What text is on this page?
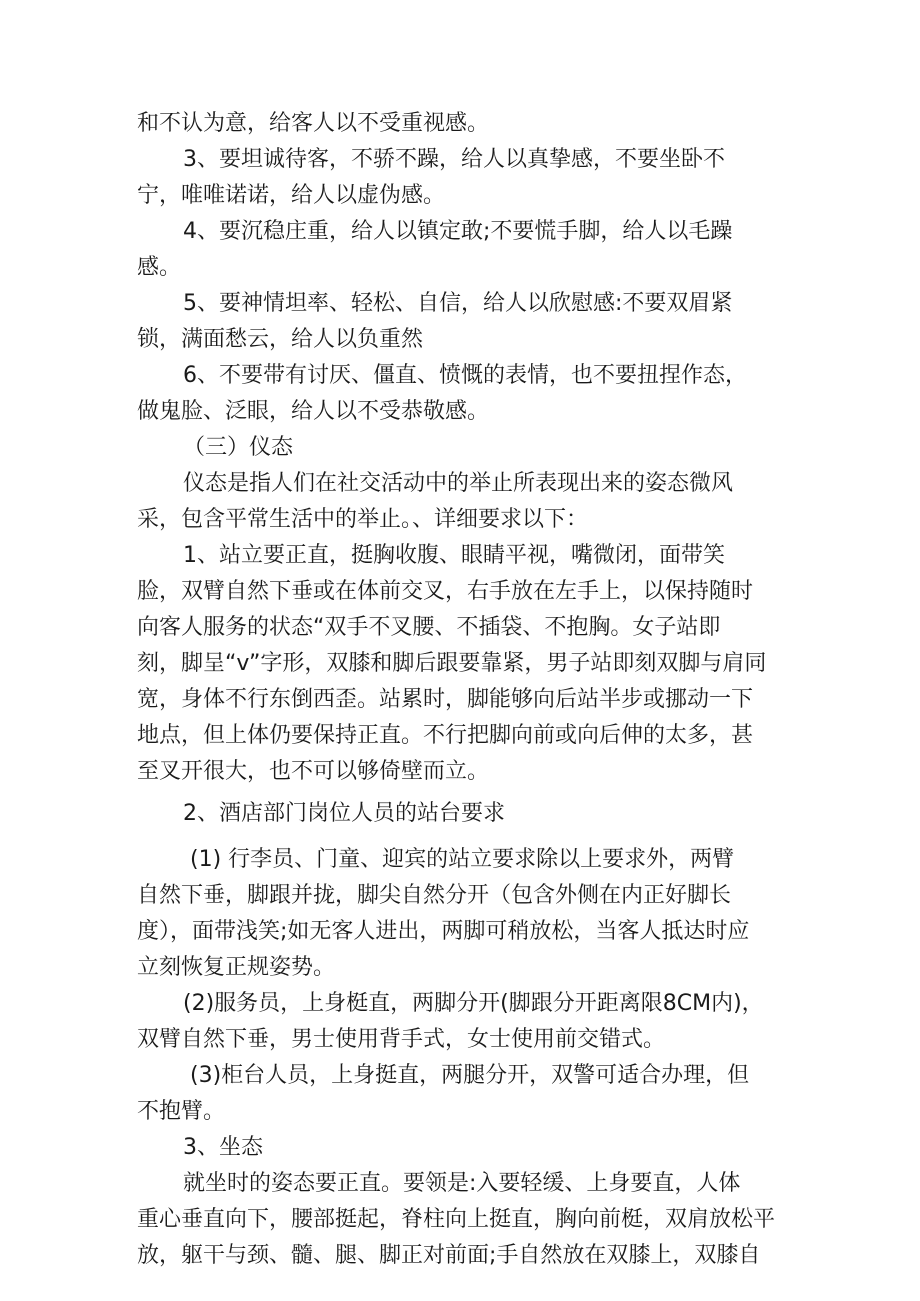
和不认为意，给客人以不受重视感。
3、要坦诚待客，不骄不躁，给人以真挚感，不要坐卧不
宁，唯唯诺诺，给人以虚伪感。
4、要沉稳庄重，给人以镇定敢;不要慌手脚，给人以毛躁
感。
5、要神情坦率、轻松、自信，给人以欣慰感:不要双眉紧
锁，满面愁云，给人以负重然
6、不要带有讨厌、僵直、愤慨的表情，也不要扭捏作态，
做鬼脸、泛眼，给人以不受恭敬感。
（三）仪态
仪态是指人们在社交活动中的举止所表现出来的姿态微风
采，包含平常生活中的举止。、详细要求以下：
1、站立要正直，挺胸收腹、眼睛平视，嘴微闭，面带笑
脸，双臂自然下垂或在体前交叉，右手放在左手上，以保持随时
向客人服务的状态“双手不叉腰、不插袋、不抱胸。女子站即
刻，脚呈“v”字形，双膝和脚后跟要靠紧，男子站即刻双脚与肩同
宽，身体不行东倒西歪。站累时，脚能够向后站半步或挪动一下
地点，但上体仍要保持正直。不行把脚向前或向后伸的太多，甚
至叉开很大，也不可以够倚壁而立。
2、酒店部门岗位人员的站台要求
(1) 行李员、门童、迎宾的站立要求除以上要求外，两臂
自然下垂，脚跟并拢，脚尖自然分开（包含外侧在内正好脚长
度），面带浅笑;如无客人进出，两脚可稍放松，当客人抵达时应
立刻恢复正规姿势。
(2)服务员，上身梃直，两脚分开(脚跟分开距离限8CM内)，
双臂自然下垂，男士使用背手式，女士使用前交错式。
(3)柜台人员，上身挺直，两腿分开，双警可适合办理，但
不抱臂。
3、坐态
就坐时的姿态要正直。要领是:入要轻缓、上身要直，人体
重心垂直向下，腰部挺起，脊柱向上挺直，胸向前梃，双肩放松平
放，躯干与颈、髓、腿、脚正对前面;手自然放在双膝上，双膝自
